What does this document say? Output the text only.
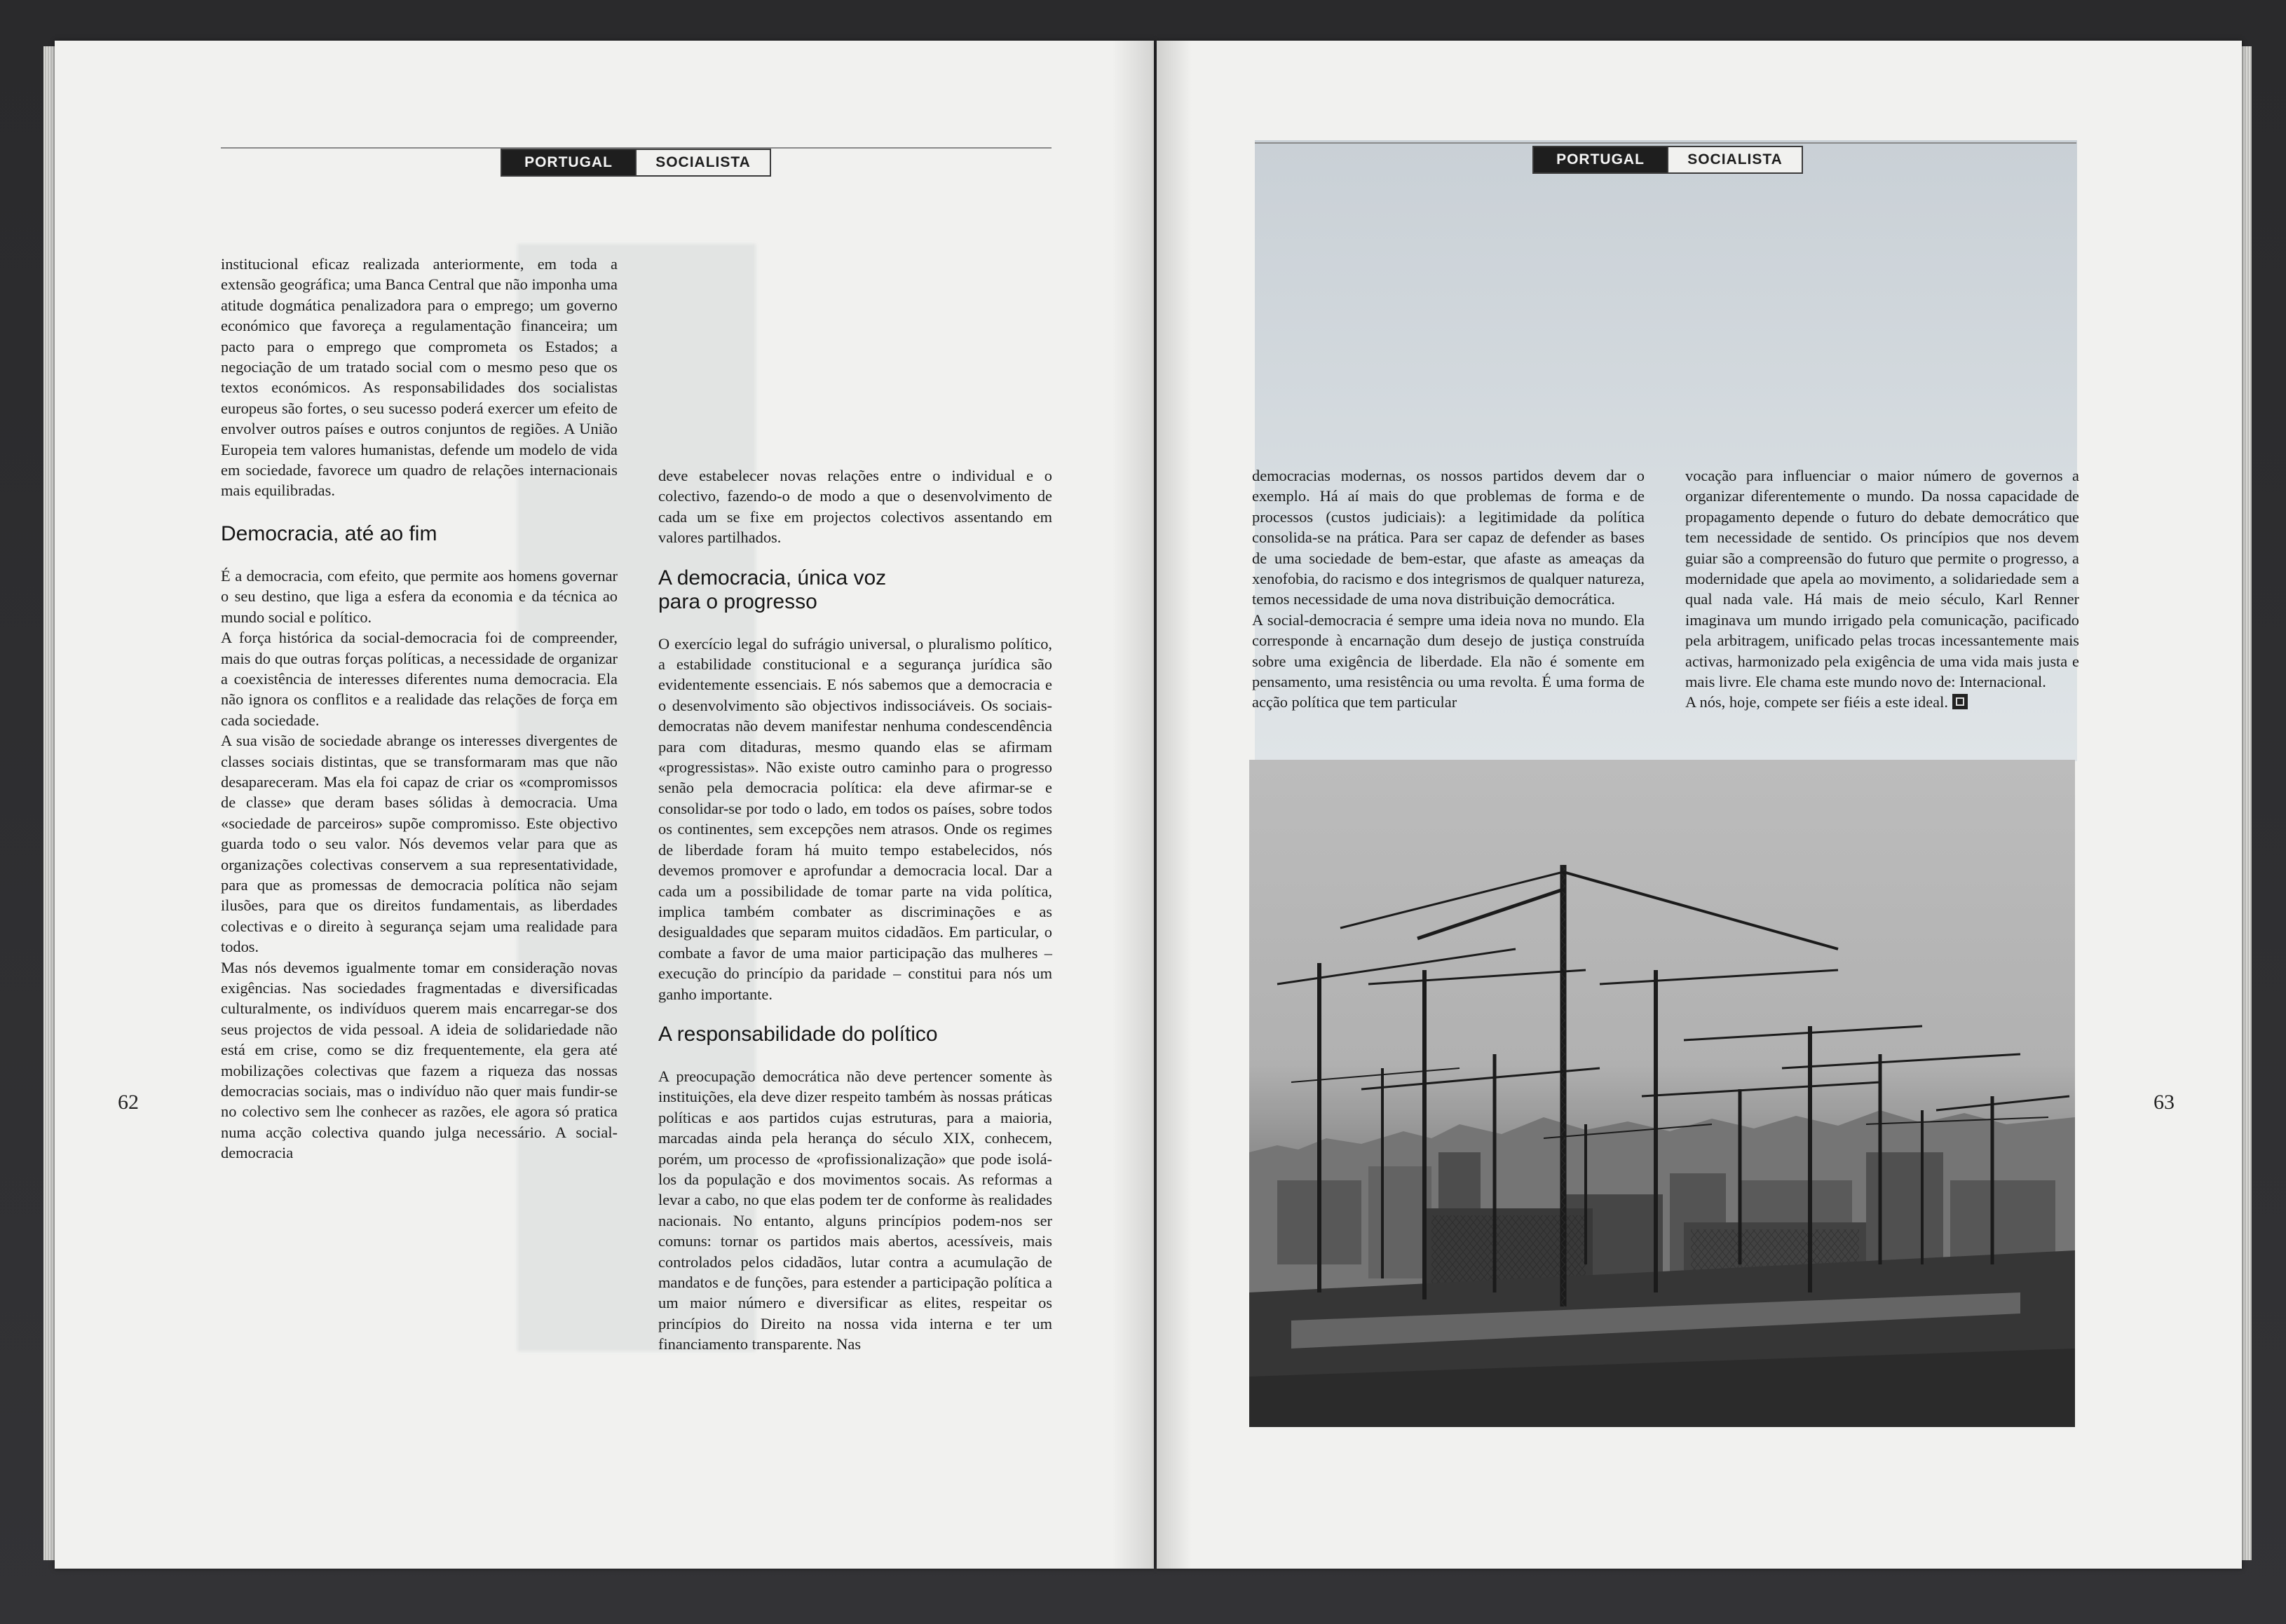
PORTUGAL	SOCIALISTA

institucional eficaz realizada anteriormente, em toda a extensão geográfica; uma Banca Central que não imponha uma atitude dogmática penalizadora para o emprego; um governo económico que favoreça a regulamentação financeira; um pacto para o emprego que comprometa os Estados; a negociação de um tratado social com o mesmo peso que os textos económicos. As responsabilidades dos socialistas europeus são fortes, o seu sucesso poderá exercer um efeito de envolver outros países e outros conjuntos de regiões. A União Europeia tem valores humanistas, defende um modelo de vida em sociedade, favorece um quadro de relações internacionais mais equilibradas.

Democracia, até ao fim

É a democracia, com efeito, que permite aos homens governar o seu destino, que liga a esfera da economia e da técnica ao mundo social e político.

A força histórica da social-democracia foi de compreender, mais do que outras forças políticas, a necessidade de organizar a coexistência de interesses diferentes numa democracia. Ela não ignora os conflitos e a realidade das relações de força em cada sociedade.

A sua visão de sociedade abrange os interesses divergentes de classes sociais distintas, que se transformaram mas que não desapareceram. Mas ela foi capaz de criar os «compromissos de classe» que deram bases sólidas à democracia. Uma «sociedade de parceiros» supõe compromisso. Este objectivo guarda todo o seu valor. Nós devemos velar para que as organizações colectivas conservem a sua representatividade, para que as promessas de democracia política não sejam ilusões, para que os direitos fundamentais, as liberdades colectivas e o direito à segurança sejam uma realidade para todos.

Mas nós devemos igualmente tomar em consideração novas exigências. Nas sociedades fragmentadas e diversificadas culturalmente, os indivíduos querem mais encarregar-se dos seus projectos de vida pessoal. A ideia de solidariedade não está em crise, como se diz frequentemente, ela gera até mobilizações colectivas que fazem a riqueza das nossas democracias sociais, mas o indivíduo não quer mais fundir-se no colectivo sem lhe conhecer as razões, ele agora só pratica numa acção colectiva quando julga necessário. A social-democracia

deve estabelecer novas relações entre o individual e o colectivo, fazendo-o de modo a que o desenvolvimento de cada um se fixe em projectos colectivos assentando em valores partilhados.

A democracia, única voz
para o progresso

O exercício legal do sufrágio universal, o pluralismo político, a estabilidade constitucional e a segurança jurídica são evidentemente essenciais. E nós sabemos que a democracia e o desenvolvimento são objectivos indissociáveis. Os sociais-democratas não devem manifestar nenhuma condescendência para com ditaduras, mesmo quando elas se afirmam «progressistas». Não existe outro caminho para o progresso senão pela democracia política: ela deve afirmar-se e consolidar-se por todo o lado, em todos os países, sobre todos os continentes, sem excepções nem atrasos. Onde os regimes de liberdade foram há muito tempo estabelecidos, nós devemos promover e aprofundar a democracia local. Dar a cada um a possibilidade de tomar parte na vida política, implica também combater as discriminações e as desigualdades que separam muitos cidadãos. Em particular, o combate a favor de uma maior participação das mulheres – execução do princípio da paridade – constitui para nós um ganho importante.

A responsabilidade do político

A preocupação democrática não deve pertencer somente às instituições, ela deve dizer respeito também às nossas práticas políticas e aos partidos cujas estruturas, para a maioria, marcadas ainda pela herança do século XIX, conhecem, porém, um processo de «profissionalização» que pode isolá-los da população e dos movimentos socais. As reformas a levar a cabo, no que elas podem ter de conforme às realidades nacionais. No entanto, alguns princípios podem-nos ser comuns: tornar os partidos mais abertos, acessíveis, mais controlados pelos cidadãos, lutar contra a acumulação de mandatos e de funções, para estender a participação política a um maior número e diversificar as elites, respeitar os princípios do Direito na nossa vida interna e ter um financiamento transparente. Nas

62
PORTUGAL	SOCIALISTA

democracias modernas, os nossos partidos devem dar o exemplo. Há aí mais do que problemas de forma e de processos (custos judiciais): a legitimidade da política consolida-se na prática. Para ser capaz de defender as bases de uma sociedade de bem-estar, que afaste as ameaças da xenofobia, do racismo e dos integrismos de qualquer natureza, temos necessidade de uma nova distribuição democrática.

A social-democracia é sempre uma ideia nova no mundo. Ela corresponde à encarnação dum desejo de justiça construída sobre uma exigência de liberdade. Ela não é somente em pensamento, uma resistência ou uma revolta. É uma forma de acção política que tem particular

vocação para influenciar o maior número de governos a organizar diferentemente o mundo. Da nossa capacidade de propagamento depende o futuro do debate democrático que tem necessidade de sentido. Os princípios que nos devem guiar são a compreensão do futuro que permite o progresso, a modernidade que apela ao movimento, a solidariedade sem a qual nada vale. Há mais de meio século, Karl Renner imaginava um mundo irrigado pela comunicação, pacificado pela arbitragem, unificado pelas trocas incessantemente mais activas, harmonizado pela exigência de uma vida mais justa e mais livre. Ele chama este mundo novo de: Internacional.

A nós, hoje, compete ser fiéis a este ideal.

63
